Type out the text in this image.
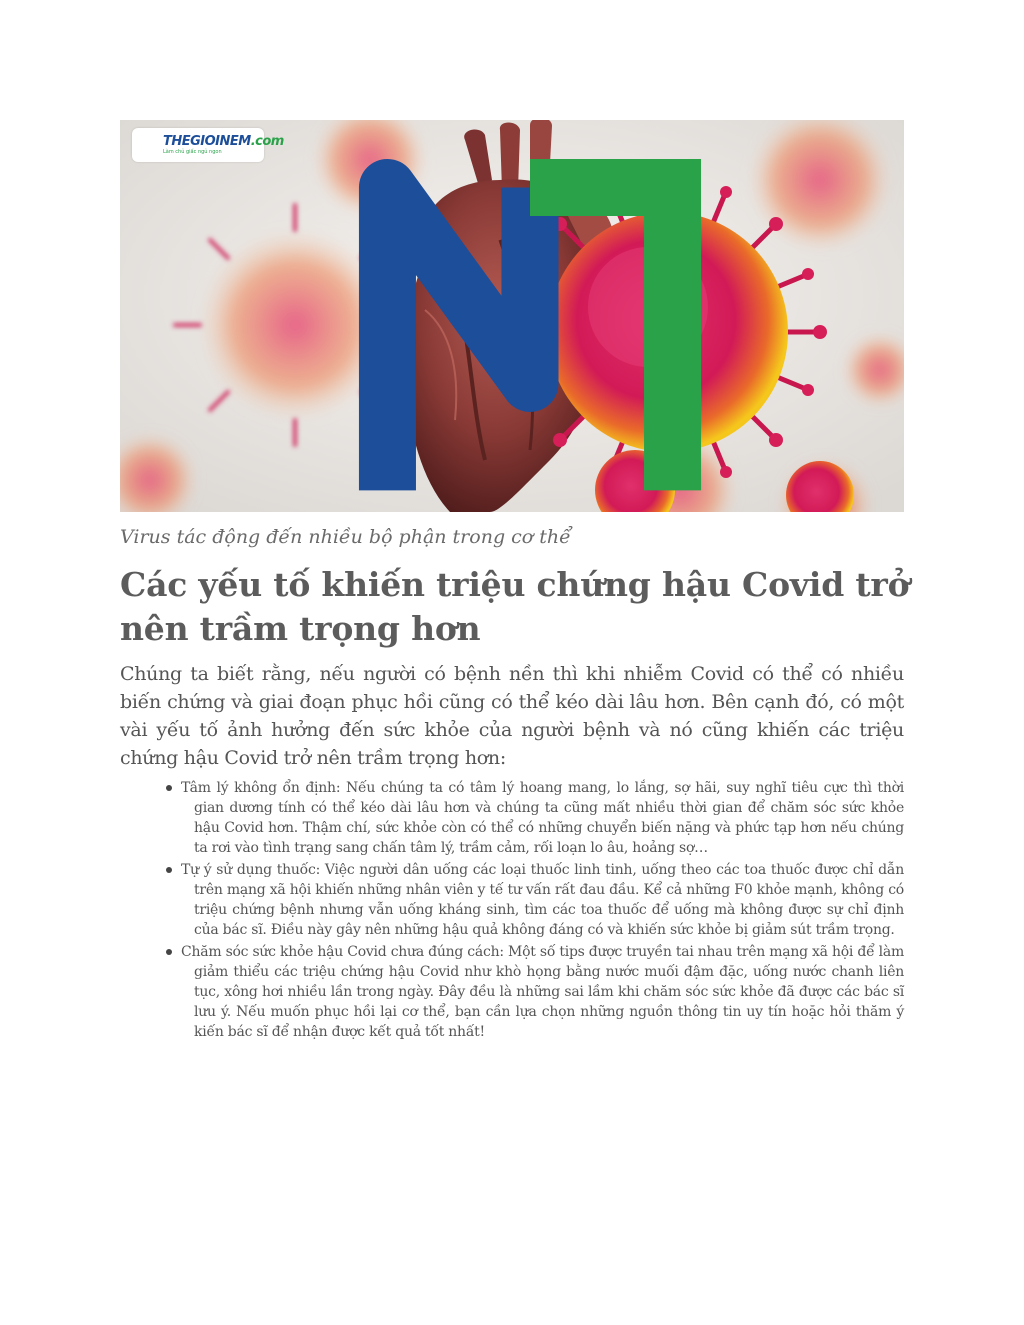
THEGIOINEM.com
Làm chủ giấc ngủ ngon

Virus tác động đến nhiều bộ phận trong cơ thể

Các yếu tố khiến triệu chứng hậu Covid trở nên trầm trọng hơn

Chúng ta biết rằng, nếu người có bệnh nền thì khi nhiễm Covid có thể có nhiều biến chứng và giai đoạn phục hồi cũng có thể kéo dài lâu hơn. Bên cạnh đó, có một vài yếu tố ảnh hưởng đến sức khỏe của người bệnh và nó cũng khiến các triệu chứng hậu Covid trở nên trầm trọng hơn:

Tâm lý không ổn định: Nếu chúng ta có tâm lý hoang mang, lo lắng, sợ hãi, suy nghĩ tiêu cực thì thời gian dương tính có thể kéo dài lâu hơn và chúng ta cũng mất nhiều thời gian để chăm sóc sức khỏe hậu Covid hơn. Thậm chí, sức khỏe còn có thể có những chuyển biến nặng và phức tạp hơn nếu chúng ta rơi vào tình trạng sang chấn tâm lý, trầm cảm, rối loạn lo âu, hoảng sợ…
Tự ý sử dụng thuốc: Việc người dân uống các loại thuốc linh tinh, uống theo các toa thuốc được chỉ dẫn trên mạng xã hội khiến những nhân viên y tế tư vấn rất đau đầu. Kể cả những F0 khỏe mạnh, không có triệu chứng bệnh nhưng vẫn uống kháng sinh, tìm các toa thuốc để uống mà không được sự chỉ định của bác sĩ. Điều này gây nên những hậu quả không đáng có và khiến sức khỏe bị giảm sút trầm trọng.
Chăm sóc sức khỏe hậu Covid chưa đúng cách: Một số tips được truyền tai nhau trên mạng xã hội để làm giảm thiểu các triệu chứng hậu Covid như khò họng bằng nước muối đậm đặc, uống nước chanh liên tục, xông hơi nhiều lần trong ngày. Đây đều là những sai lầm khi chăm sóc sức khỏe đã được các bác sĩ lưu ý. Nếu muốn phục hồi lại cơ thể, bạn cần lựa chọn những nguồn thông tin uy tín hoặc hỏi thăm ý kiến bác sĩ để nhận được kết quả tốt nhất!
